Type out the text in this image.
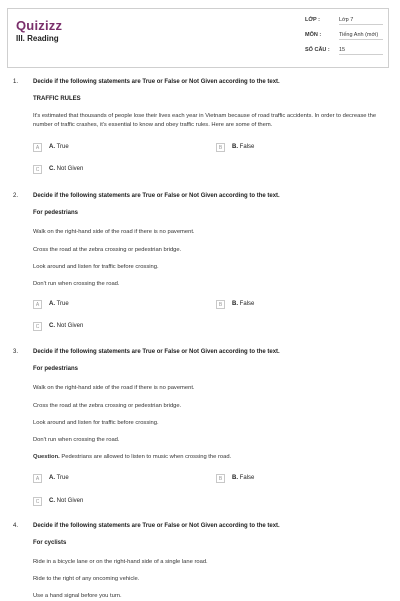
Quizizz
III. Reading
LỚP :	Lớp 7
MÔN :	Tiếng Anh (mới)
SỐ CÂU : 15
1. Decide if the following statements are True or False or Not Given according to the text.
TRAFFIC RULES
It's estimated that thousands of people lose their lives each year in Vietnam because of road traffic accidents. In order to decrease the number of traffic crashes, it's essential to know and obey traffic rules. Here are some of them.
A	A. True	B	B. False
C	C. Not Given
2. Decide if the following statements are True or False or Not Given according to the text.
For pedestrians
Walk on the right-hand side of the road if there is no pavement.
Cross the road at the zebra crossing or pedestrian bridge.
Look around and listen for traffic before crossing.
Don't run when crossing the road.
A	A. True	B	B. False
C	C. Not Given
3. Decide if the following statements are True or False or Not Given according to the text.
For pedestrians
Walk on the right-hand side of the road if there is no pavement.
Cross the road at the zebra crossing or pedestrian bridge.
Look around and listen for traffic before crossing.
Don't run when crossing the road.
Question. Pedestrians are allowed to listen to music when crossing the road.
A	A. True	B	B. False
C	C. Not Given
4. Decide if the following statements are True or False or Not Given according to the text.
For cyclists
Ride in a bicycle lane or on the right-hand side of a single lane road.
Ride to the right of any oncoming vehicle.
Use a hand signal before you turn.
